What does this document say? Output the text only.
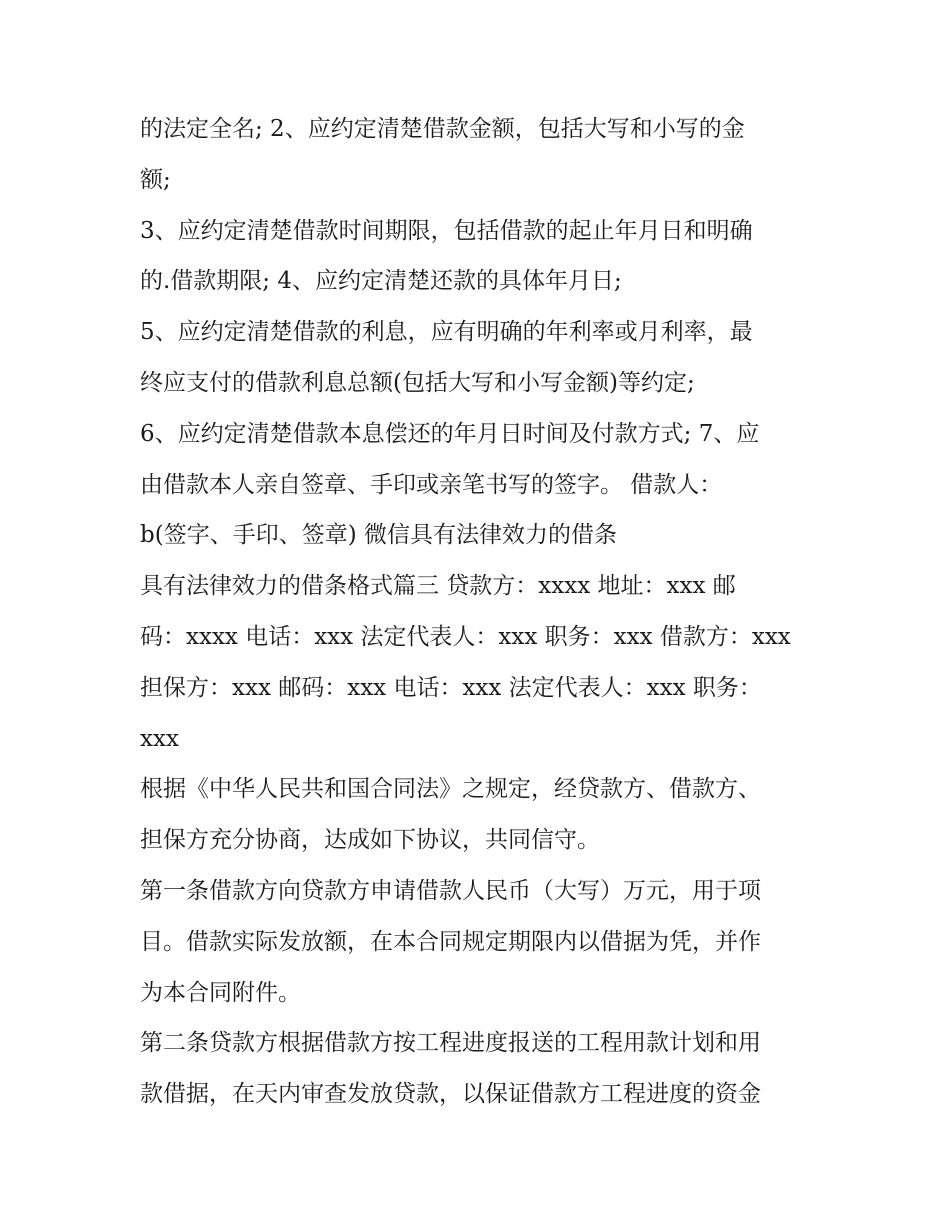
的法定全名; 2、应约定清楚借款金额，包括大写和小写的金
额;
3、应约定清楚借款时间期限，包括借款的起止年月日和明确
的.借款期限; 4、应约定清楚还款的具体年月日;
5、应约定清楚借款的利息，应有明确的年利率或月利率，最
终应支付的借款利息总额(包括大写和小写金额)等约定;
6、应约定清楚借款本息偿还的年月日时间及付款方式; 7、应
由借款本人亲自签章、手印或亲笔书写的签字。 借款人：
b(签字、手印、签章) 微信具有法律效力的借条
具有法律效力的借条格式篇三 贷款方：xxxx 地址：xxx 邮
码：xxxx 电话：xxx 法定代表人：xxx 职务：xxx 借款方：xxx
担保方：xxx 邮码：xxx 电话：xxx 法定代表人：xxx 职务：
xxx
根据《中华人民共和国合同法》之规定，经贷款方、借款方、
担保方充分协商，达成如下协议，共同信守。
第一条借款方向贷款方申请借款人民币（大写）万元，用于项
目。借款实际发放额，在本合同规定期限内以借据为凭，并作
为本合同附件。
第二条贷款方根据借款方按工程进度报送的工程用款计划和用
款借据，在天内审查发放贷款，以保证借款方工程进度的资金
